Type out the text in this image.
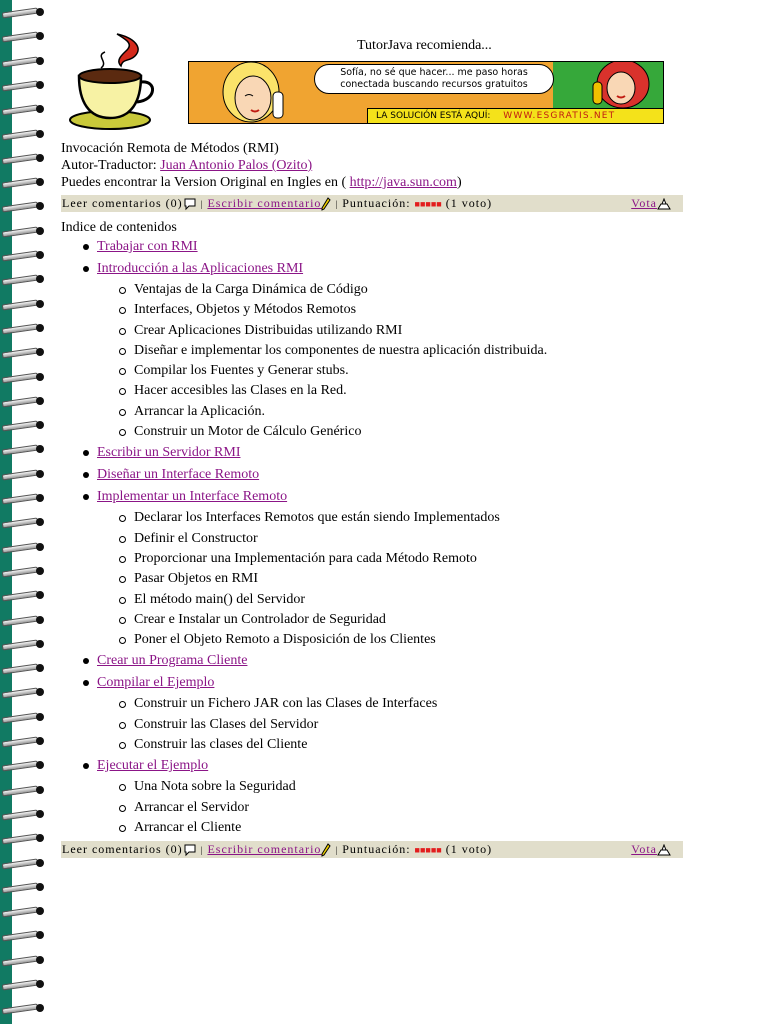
TutorJava recomienda...
Sofía, no sé que hacer... me paso horas
conectada buscando recursos gratuitos
LA SOLUCIÓN ESTÁ AQUÍ: WWW.ESGRATIS.NET
Invocación Remota de Métodos (RMI)
Autor-Traductor: Juan Antonio Palos (Ozito)
Puedes encontrar la Version Original en Ingles en ( http://java.sun.com)
Leer comentarios (0) | Escribir comentario | Puntuación: ■■■■■ (1 voto)	Vota
Indice de contenidos
Trabajar con RMI
Introducción a las Aplicaciones RMI
Ventajas de la Carga Dinámica de Código
Interfaces, Objetos y Métodos Remotos
Crear Aplicaciones Distribuidas utilizando RMI
Diseñar e implementar los componentes de nuestra aplicación distribuida.
Compilar los Fuentes y Generar stubs.
Hacer accesibles las Clases en la Red.
Arrancar la Aplicación.
Construir un Motor de Cálculo Genérico
Escribir un Servidor RMI
Diseñar un Interface Remoto
Implementar un Interface Remoto
Declarar los Interfaces Remotos que están siendo Implementados
Definir el Constructor
Proporcionar una Implementación para cada Método Remoto
Pasar Objetos en RMI
El método main() del Servidor
Crear e Instalar un Controlador de Seguridad
Poner el Objeto Remoto a Disposición de los Clientes
Crear un Programa Cliente
Compilar el Ejemplo
Construir un Fichero JAR con las Clases de Interfaces
Construir las Clases del Servidor
Construir las clases del Cliente
Ejecutar el Ejemplo
Una Nota sobre la Seguridad
Arrancar el Servidor
Arrancar el Cliente
Leer comentarios (0) | Escribir comentario | Puntuación: ■■■■■ (1 voto)	Vota
